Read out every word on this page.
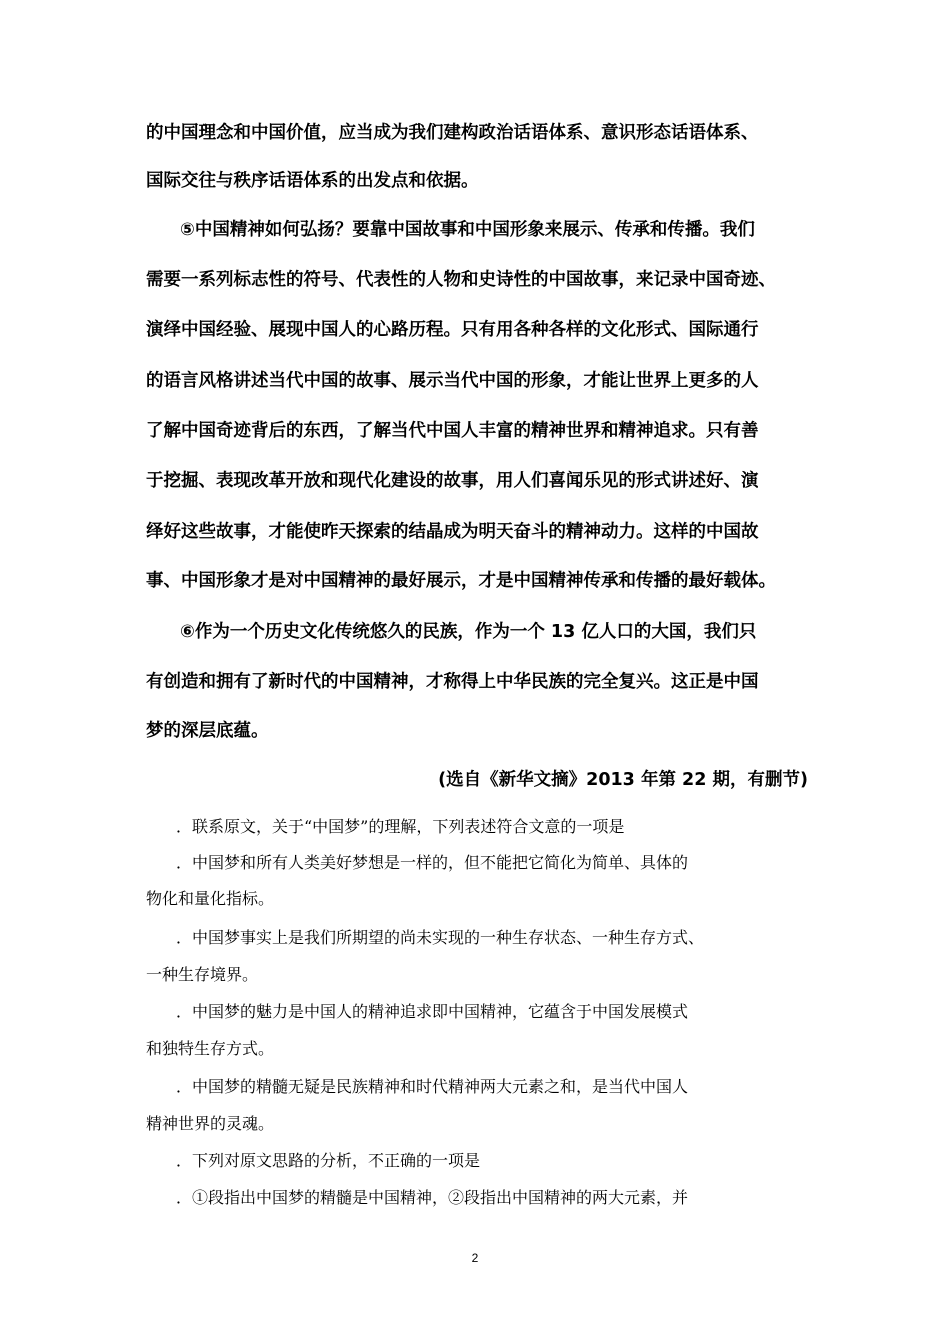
的中国理念和中国价值，应当成为我们建构政治话语体系、意识形态话语体系、
国际交往与秩序话语体系的出发点和依据。
⑤中国精神如何弘扬？要靠中国故事和中国形象来展示、传承和传播。我们
需要一系列标志性的符号、代表性的人物和史诗性的中国故事，来记录中国奇迹、
演绎中国经验、展现中国人的心路历程。只有用各种各样的文化形式、国际通行
的语言风格讲述当代中国的故事、展示当代中国的形象，才能让世界上更多的人
了解中国奇迹背后的东西，了解当代中国人丰富的精神世界和精神追求。只有善
于挖掘、表现改革开放和现代化建设的故事，用人们喜闻乐见的形式讲述好、演
绎好这些故事，才能使昨天探索的结晶成为明天奋斗的精神动力。这样的中国故
事、中国形象才是对中国精神的最好展示，才是中国精神传承和传播的最好载体。
⑥作为一个历史文化传统悠久的民族，作为一个 13 亿人口的大国，我们只
有创造和拥有了新时代的中国精神，才称得上中华民族的完全复兴。这正是中国
梦的深层底蕴。
(选自《新华文摘》2013 年第 22 期，有删节)
．联系原文，关于“中国梦”的理解，下列表述符合文意的一项是
．中国梦和所有人类美好梦想是一样的，但不能把它简化为简单、具体的
物化和量化指标。
．中国梦事实上是我们所期望的尚未实现的一种生存状态、一种生存方式、
一种生存境界。
．中国梦的魅力是中国人的精神追求即中国精神，它蕴含于中国发展模式
和独特生存方式。
．中国梦的精髓无疑是民族精神和时代精神两大元素之和，是当代中国人
精神世界的灵魂。
．下列对原文思路的分析，不正确的一项是
．①段指出中国梦的精髓是中国精神，②段指出中国精神的两大元素，并
2
